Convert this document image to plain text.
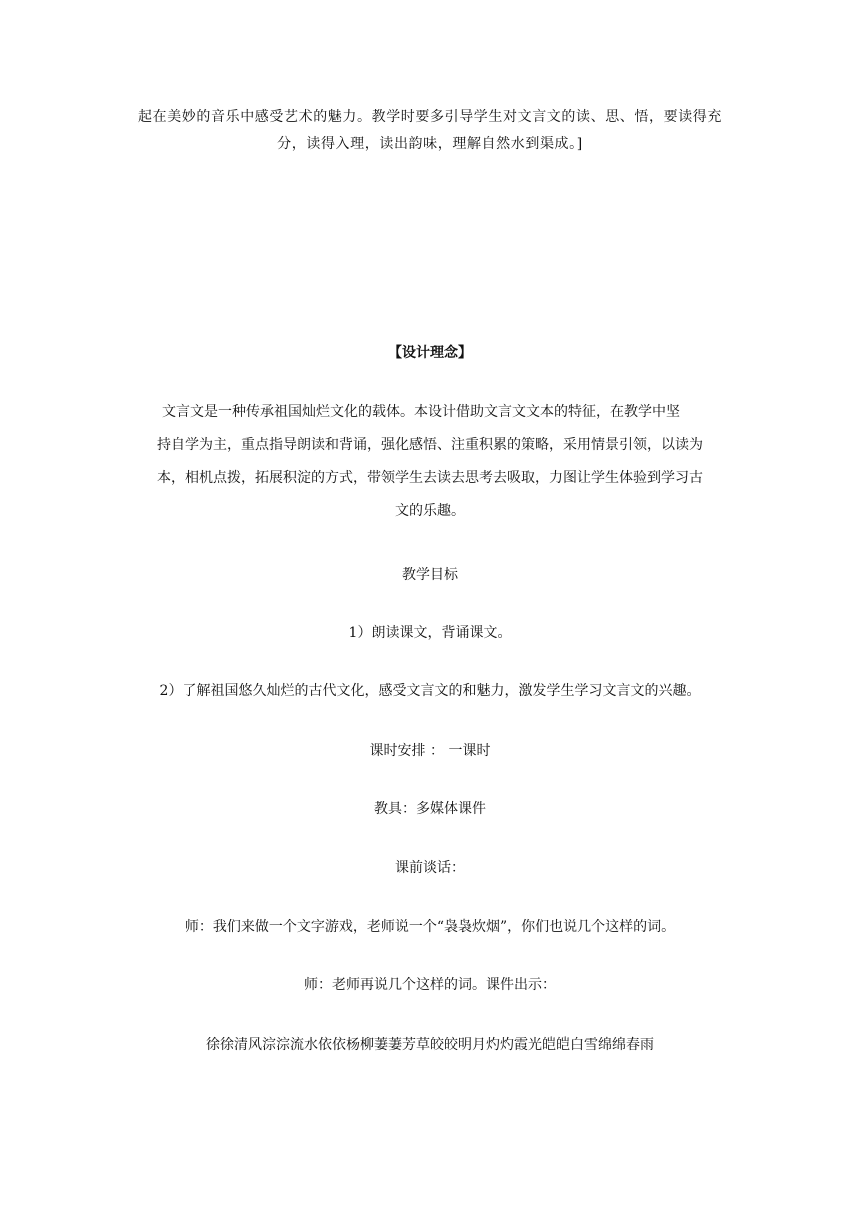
起在美妙的音乐中感受艺术的魅力。教学时要多引导学生对文言文的读、思、悟，要读得充
分，读得入理，读出韵味，理解自然水到渠成。]
【设计理念】
文言文是一种传承祖国灿烂文化的载体。本设计借助文言文文本的特征，在教学中坚
持自学为主，重点指导朗读和背诵，强化感悟、注重积累的策略，采用情景引领，以读为
本，相机点拨，拓展积淀的方式，带领学生去读去思考去吸取，力图让学生体验到学习古
文的乐趣。
教学目标
1）朗读课文，背诵课文。
2）了解祖国悠久灿烂的古代文化，感受文言文的和魅力，激发学生学习文言文的兴趣。
课时安排 ： 一课时
教具：多媒体课件
课前谈话：
师：我们来做一个文字游戏，老师说一个“袅袅炊烟”，你们也说几个这样的词。
师：老师再说几个这样的词。课件出示：
徐徐清风淙淙流水依依杨柳萋萋芳草皎皎明月灼灼霞光皑皑白雪绵绵春雨
